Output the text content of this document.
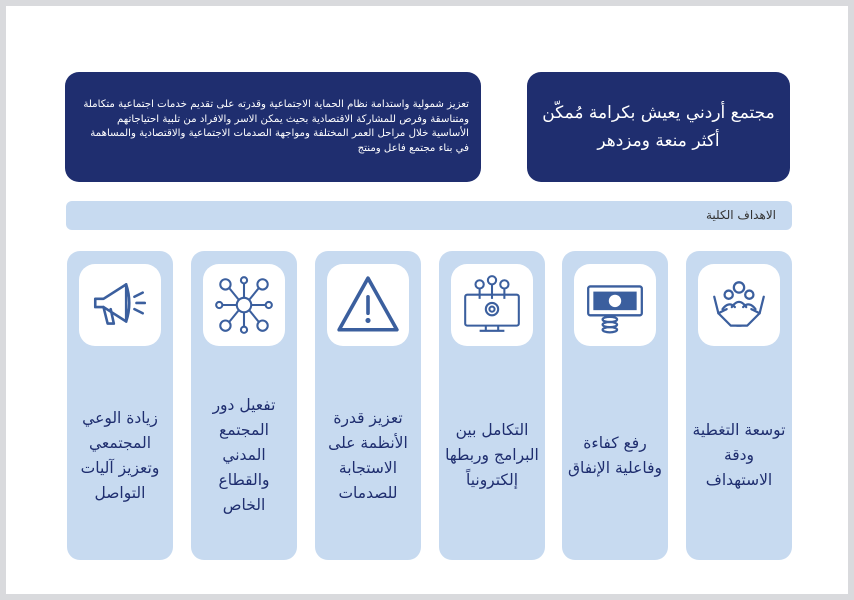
مجتمع أردني يعيش بكرامة مُمكّن أكثر منعة ومزدهر
تعزيز شمولية واستدامة نظام الحماية الاجتماعية وقدرته على تقديم خدمات اجتماعية متكاملة ومتناسقة وفرص للمشاركة الاقتصادية بحيث يمكن الاسر والافراد من تلبية احتياجاتهم الأساسية خلال مراحل العمر المختلفة ومواجهة الصدمات الاجتماعية والاقتصادية والمساهمة في بناء مجتمع فاعل ومنتج
الاهداف الكلية
توسعة التغطية ودقة الاستهداف
رفع كفاءة وفاعلية الإنفاق
التكامل بين البرامج وربطها إلكترونياً
تعزيز قدرة الأنظمة على الاستجابة للصدمات
تفعيل دور المجتمع المدني والقطاع الخاص
زيادة الوعي المجتمعي وتعزيز آليات التواصل
